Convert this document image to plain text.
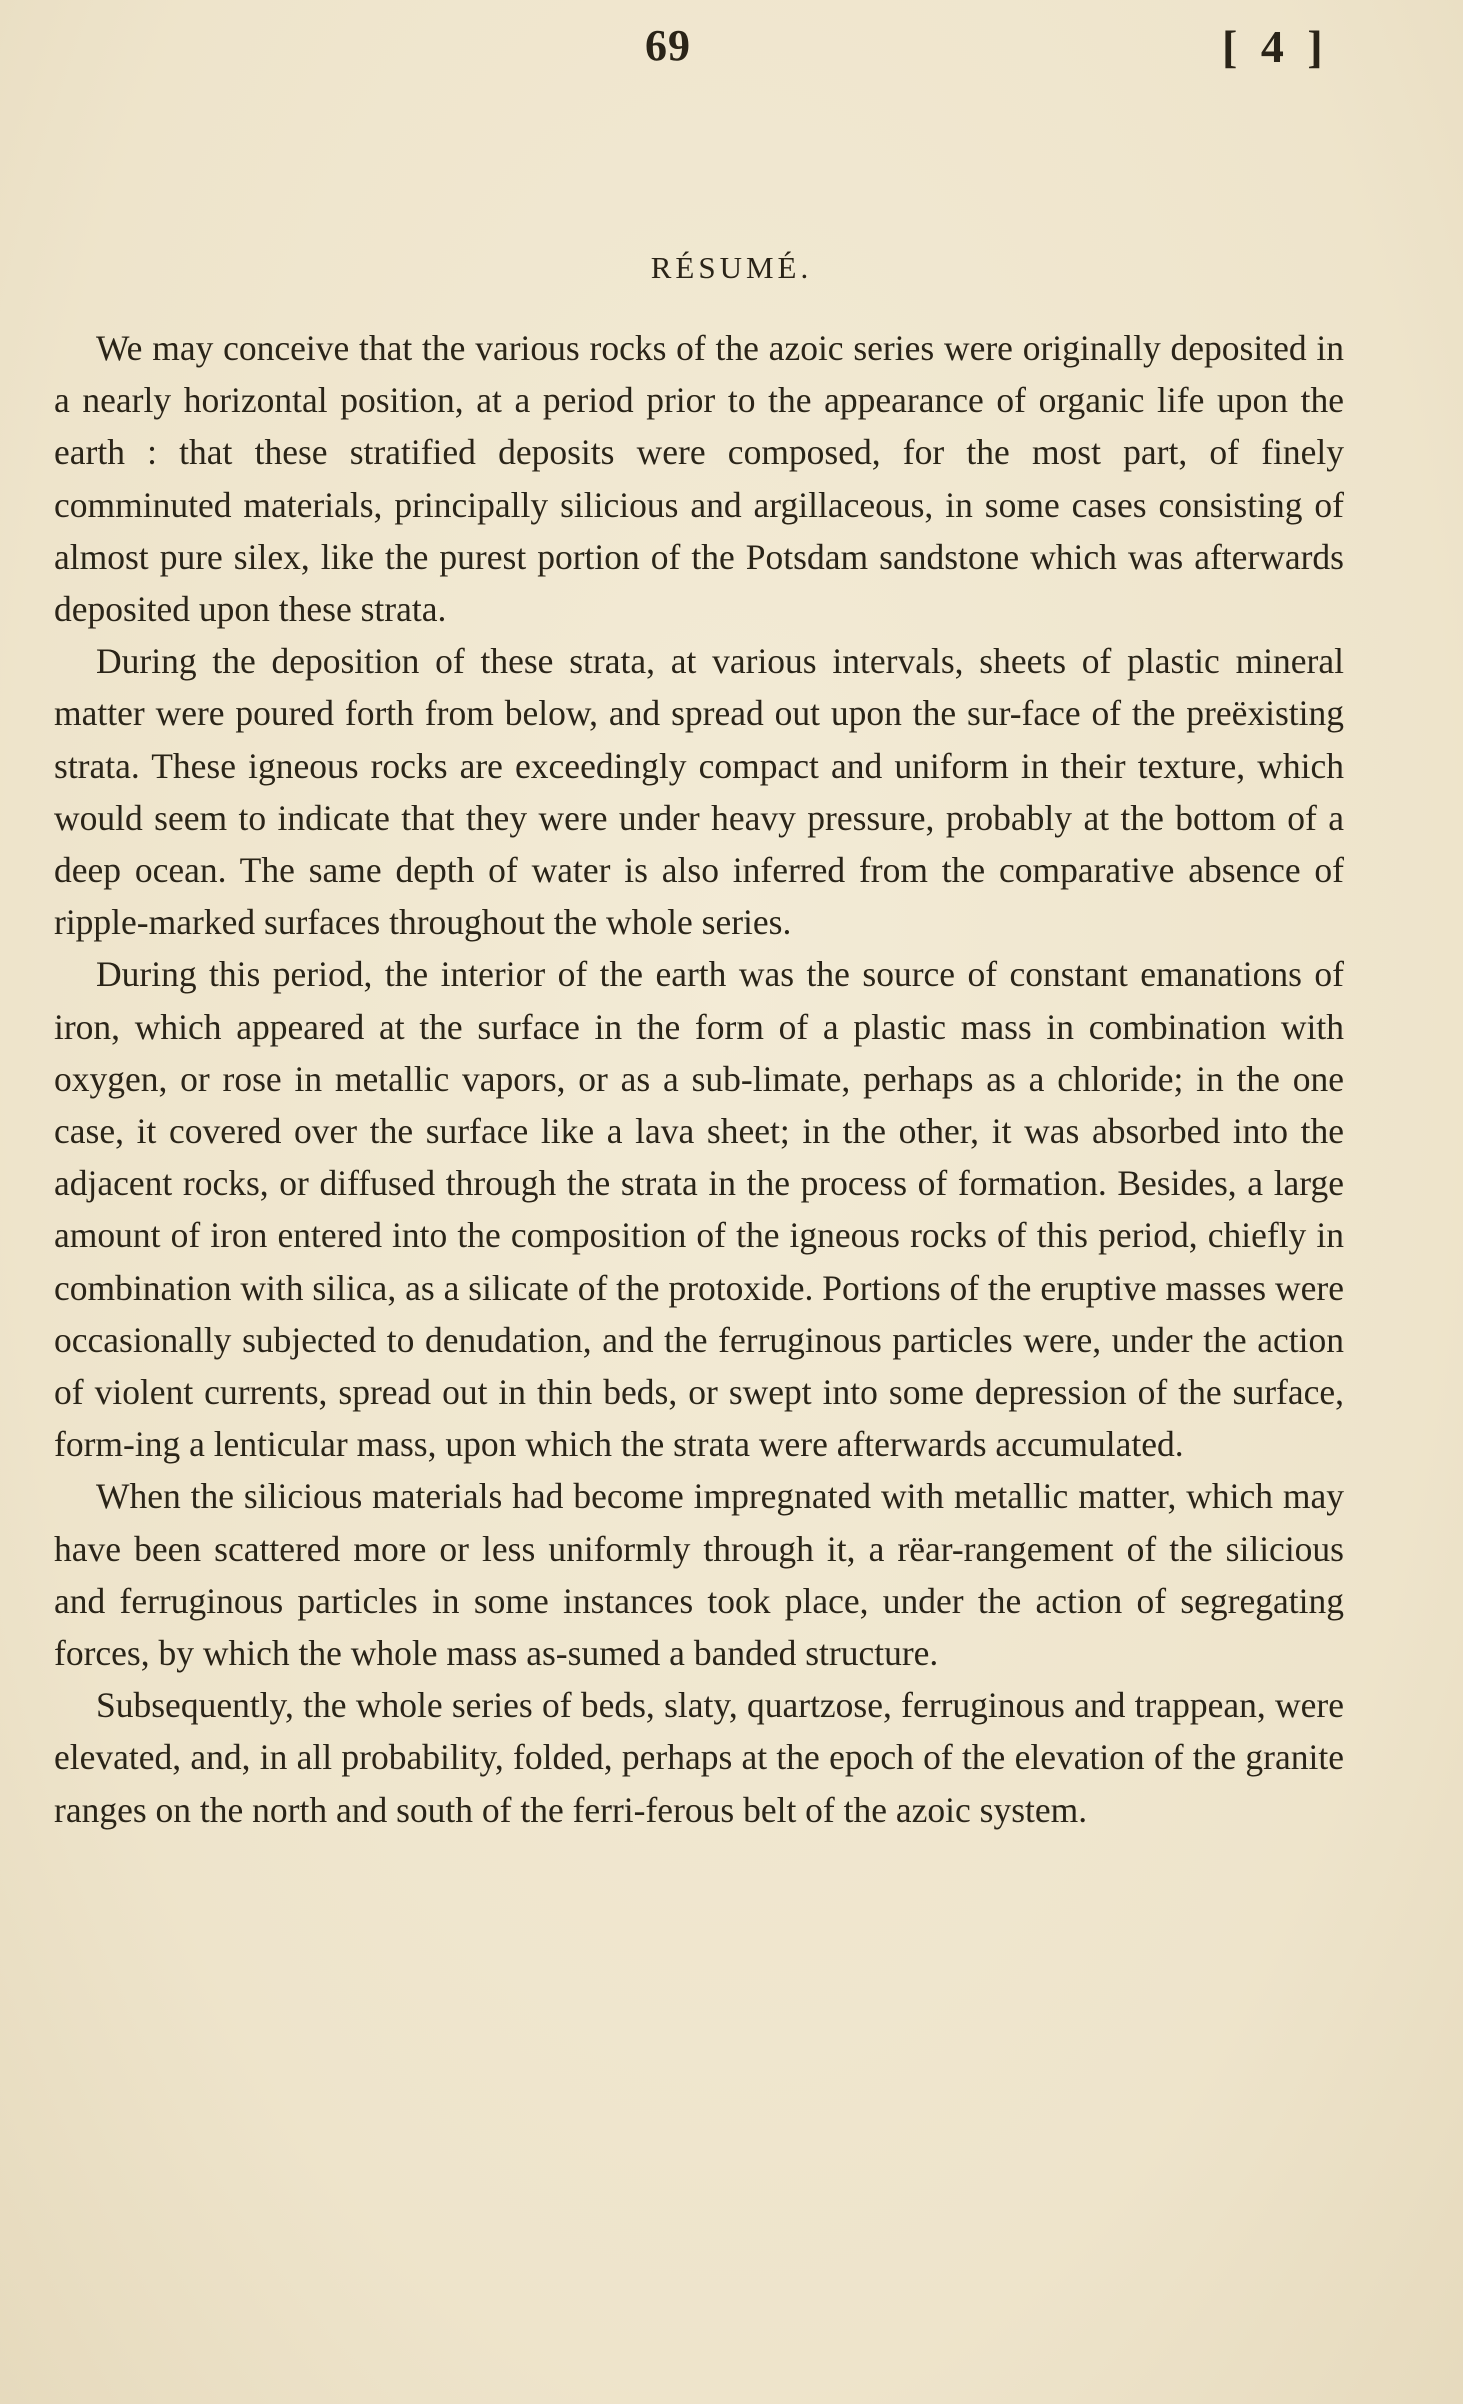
69	[ 4 ]
RÉSUMÉ.

We may conceive that the various rocks of the azoic series were originally deposited in a nearly horizontal position, at a period prior to the appearance of organic life upon the earth : that these stratified deposits were composed, for the most part, of finely comminuted materials, principally silicious and argillaceous, in some cases consisting of almost pure silex, like the purest portion of the Potsdam sandstone which was afterwards deposited upon these strata.

During the deposition of these strata, at various intervals, sheets of plastic mineral matter were poured forth from below, and spread out upon the sur-face of the preëxisting strata. These igneous rocks are exceedingly compact and uniform in their texture, which would seem to indicate that they were under heavy pressure, probably at the bottom of a deep ocean. The same depth of water is also inferred from the comparative absence of ripple-marked surfaces throughout the whole series.

During this period, the interior of the earth was the source of constant emanations of iron, which appeared at the surface in the form of a plastic mass in combination with oxygen, or rose in metallic vapors, or as a sub-limate, perhaps as a chloride; in the one case, it covered over the surface like a lava sheet; in the other, it was absorbed into the adjacent rocks, or diffused through the strata in the process of formation. Besides, a large amount of iron entered into the composition of the igneous rocks of this period, chiefly in combination with silica, as a silicate of the protoxide. Portions of the eruptive masses were occasionally subjected to denudation, and the ferruginous particles were, under the action of violent currents, spread out in thin beds, or swept into some depression of the surface, form-ing a lenticular mass, upon which the strata were afterwards accumulated.

When the silicious materials had become impregnated with metallic matter, which may have been scattered more or less uniformly through it, a rëar-rangement of the silicious and ferruginous particles in some instances took place, under the action of segregating forces, by which the whole mass as-sumed a banded structure.

Subsequently, the whole series of beds, slaty, quartzose, ferruginous and trappean, were elevated, and, in all probability, folded, perhaps at the epoch of the elevation of the granite ranges on the north and south of the ferri-ferous belt of the azoic system.
